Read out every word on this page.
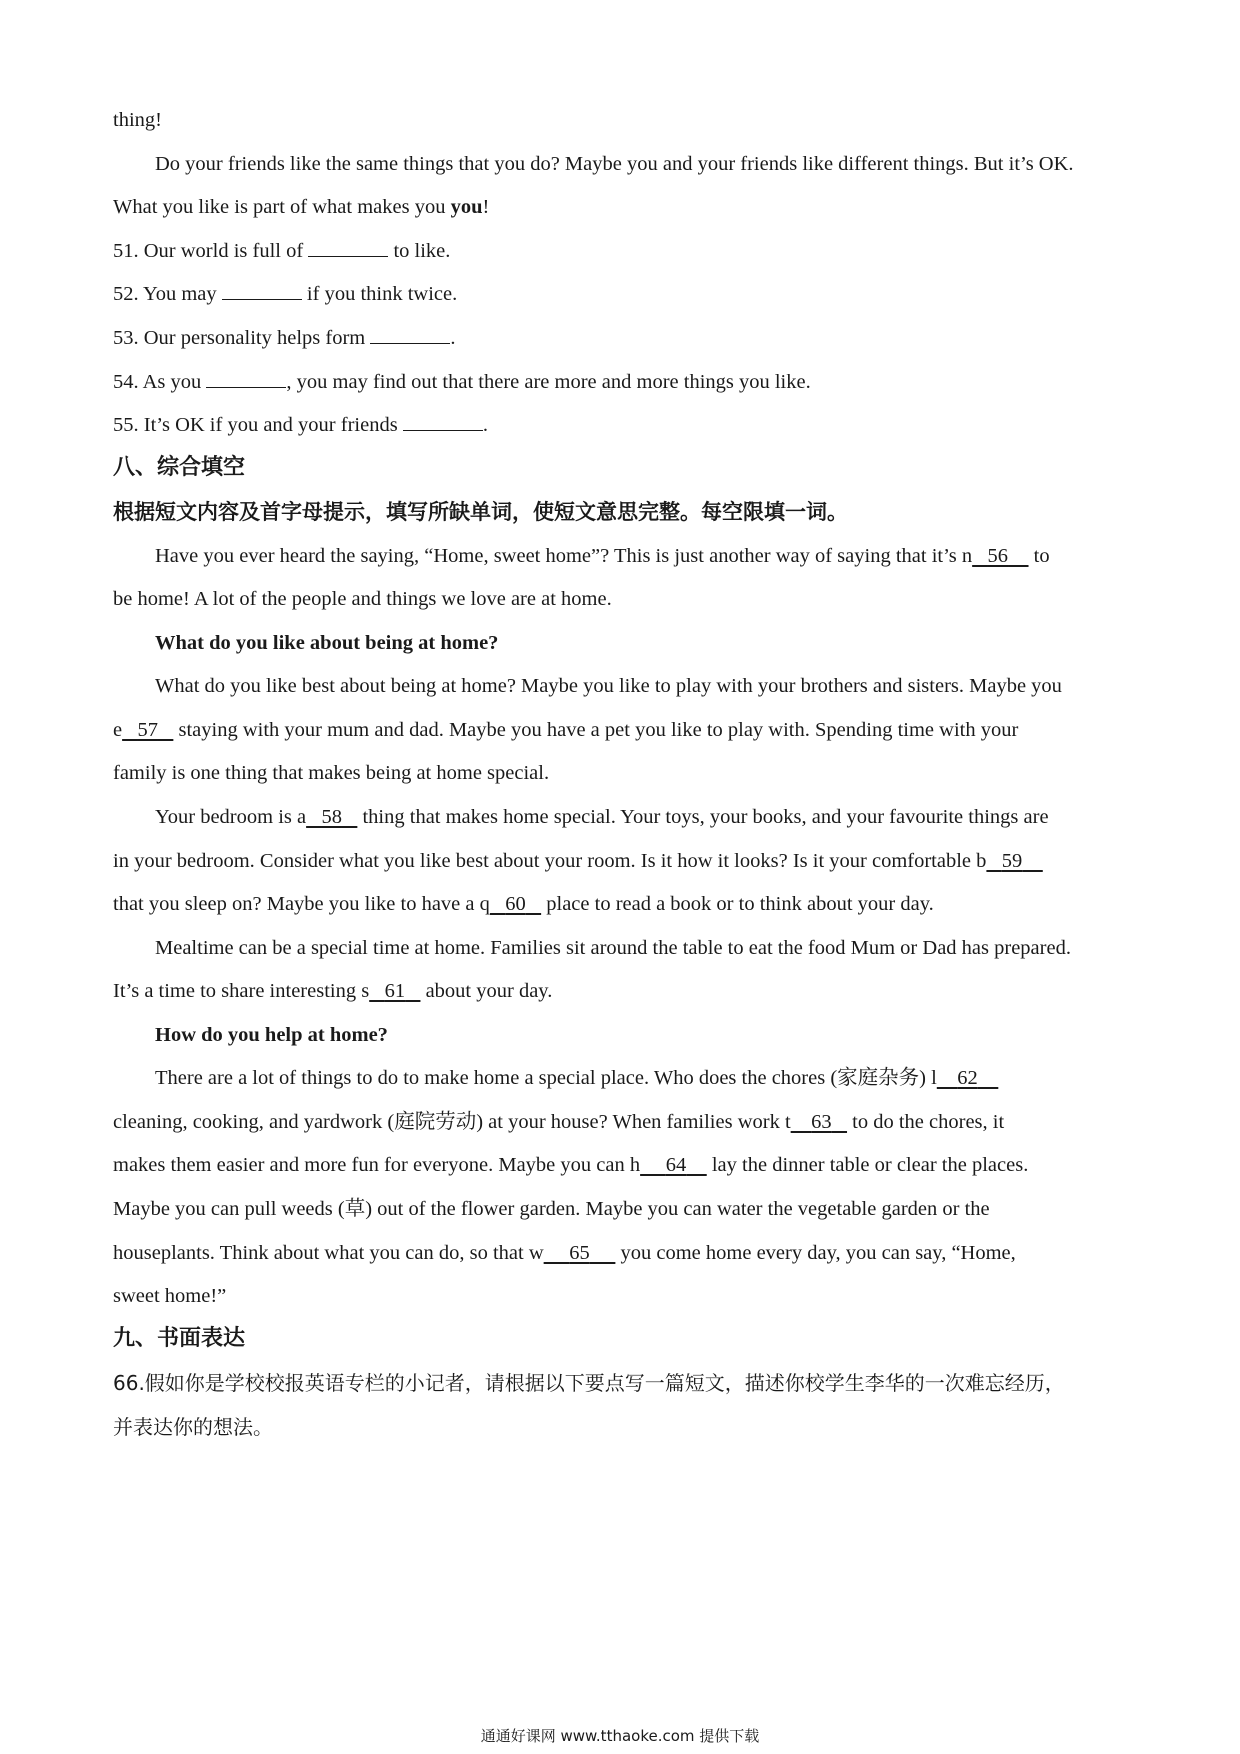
thing!
Do your friends like the same things that you do? Maybe you and your friends like different things. But it’s OK.
What you like is part of what makes you you!
51. Our world is full of	to like.
52. You may	if you think twice.
53. Our personality helps form	.
54. As you	, you may find out that there are more and more things you like.
55. It’s OK if you and your friends	.
八、综合填空
根据短文内容及首字母提示，填写所缺单词，使短文意思完整。每空限填一词。
Have you ever heard the saying, “Home, sweet home”? This is just another way of saying that it’s n 56     to
be home! A lot of the people and things we love are at home.
What do you like about being at home?
What do you like best about being at home? Maybe you like to play with your brothers and sisters. Maybe you
e 57    staying with your mum and dad. Maybe you have a pet you like to play with. Spending time with your
family is one thing that makes being at home special.
Your bedroom is a 58    thing that makes home special. Your toys, your books, and your favourite things are
in your bedroom. Consider what you like best about your room. Is it how it looks? Is it your comfortable b 59
that you sleep on? Maybe you like to have a q 60    place to read a book or to think about your day.
Mealtime can be a special time at home. Families sit around the table to eat the food Mum or Dad has prepared.
It’s a time to share interesting s 61    about your day.
How do you help at home?
There are a lot of things to do to make home a special place. Who does the chores (家庭杂务) l 62
cleaning, cooking, and yardwork (庭院劳动) at your house? When families work t 63    to do the chores, it
makes them easier and more fun for everyone. Maybe you can h 64     lay the dinner table or clear the places.
Maybe you can pull weeds (草) out of the flower garden. Maybe you can water the vegetable garden or the
houseplants. Think about what you can do, so that w 65      you come home every day, you can say, “Home,
sweet home!”
九、书面表达
66.假如你是学校校报英语专栏的小记者，请根据以下要点写一篇短文，描述你校学生李华的一次难忘经历，
并表达你的想法。
通通好课网 www.tthaoke.com 提供下载
